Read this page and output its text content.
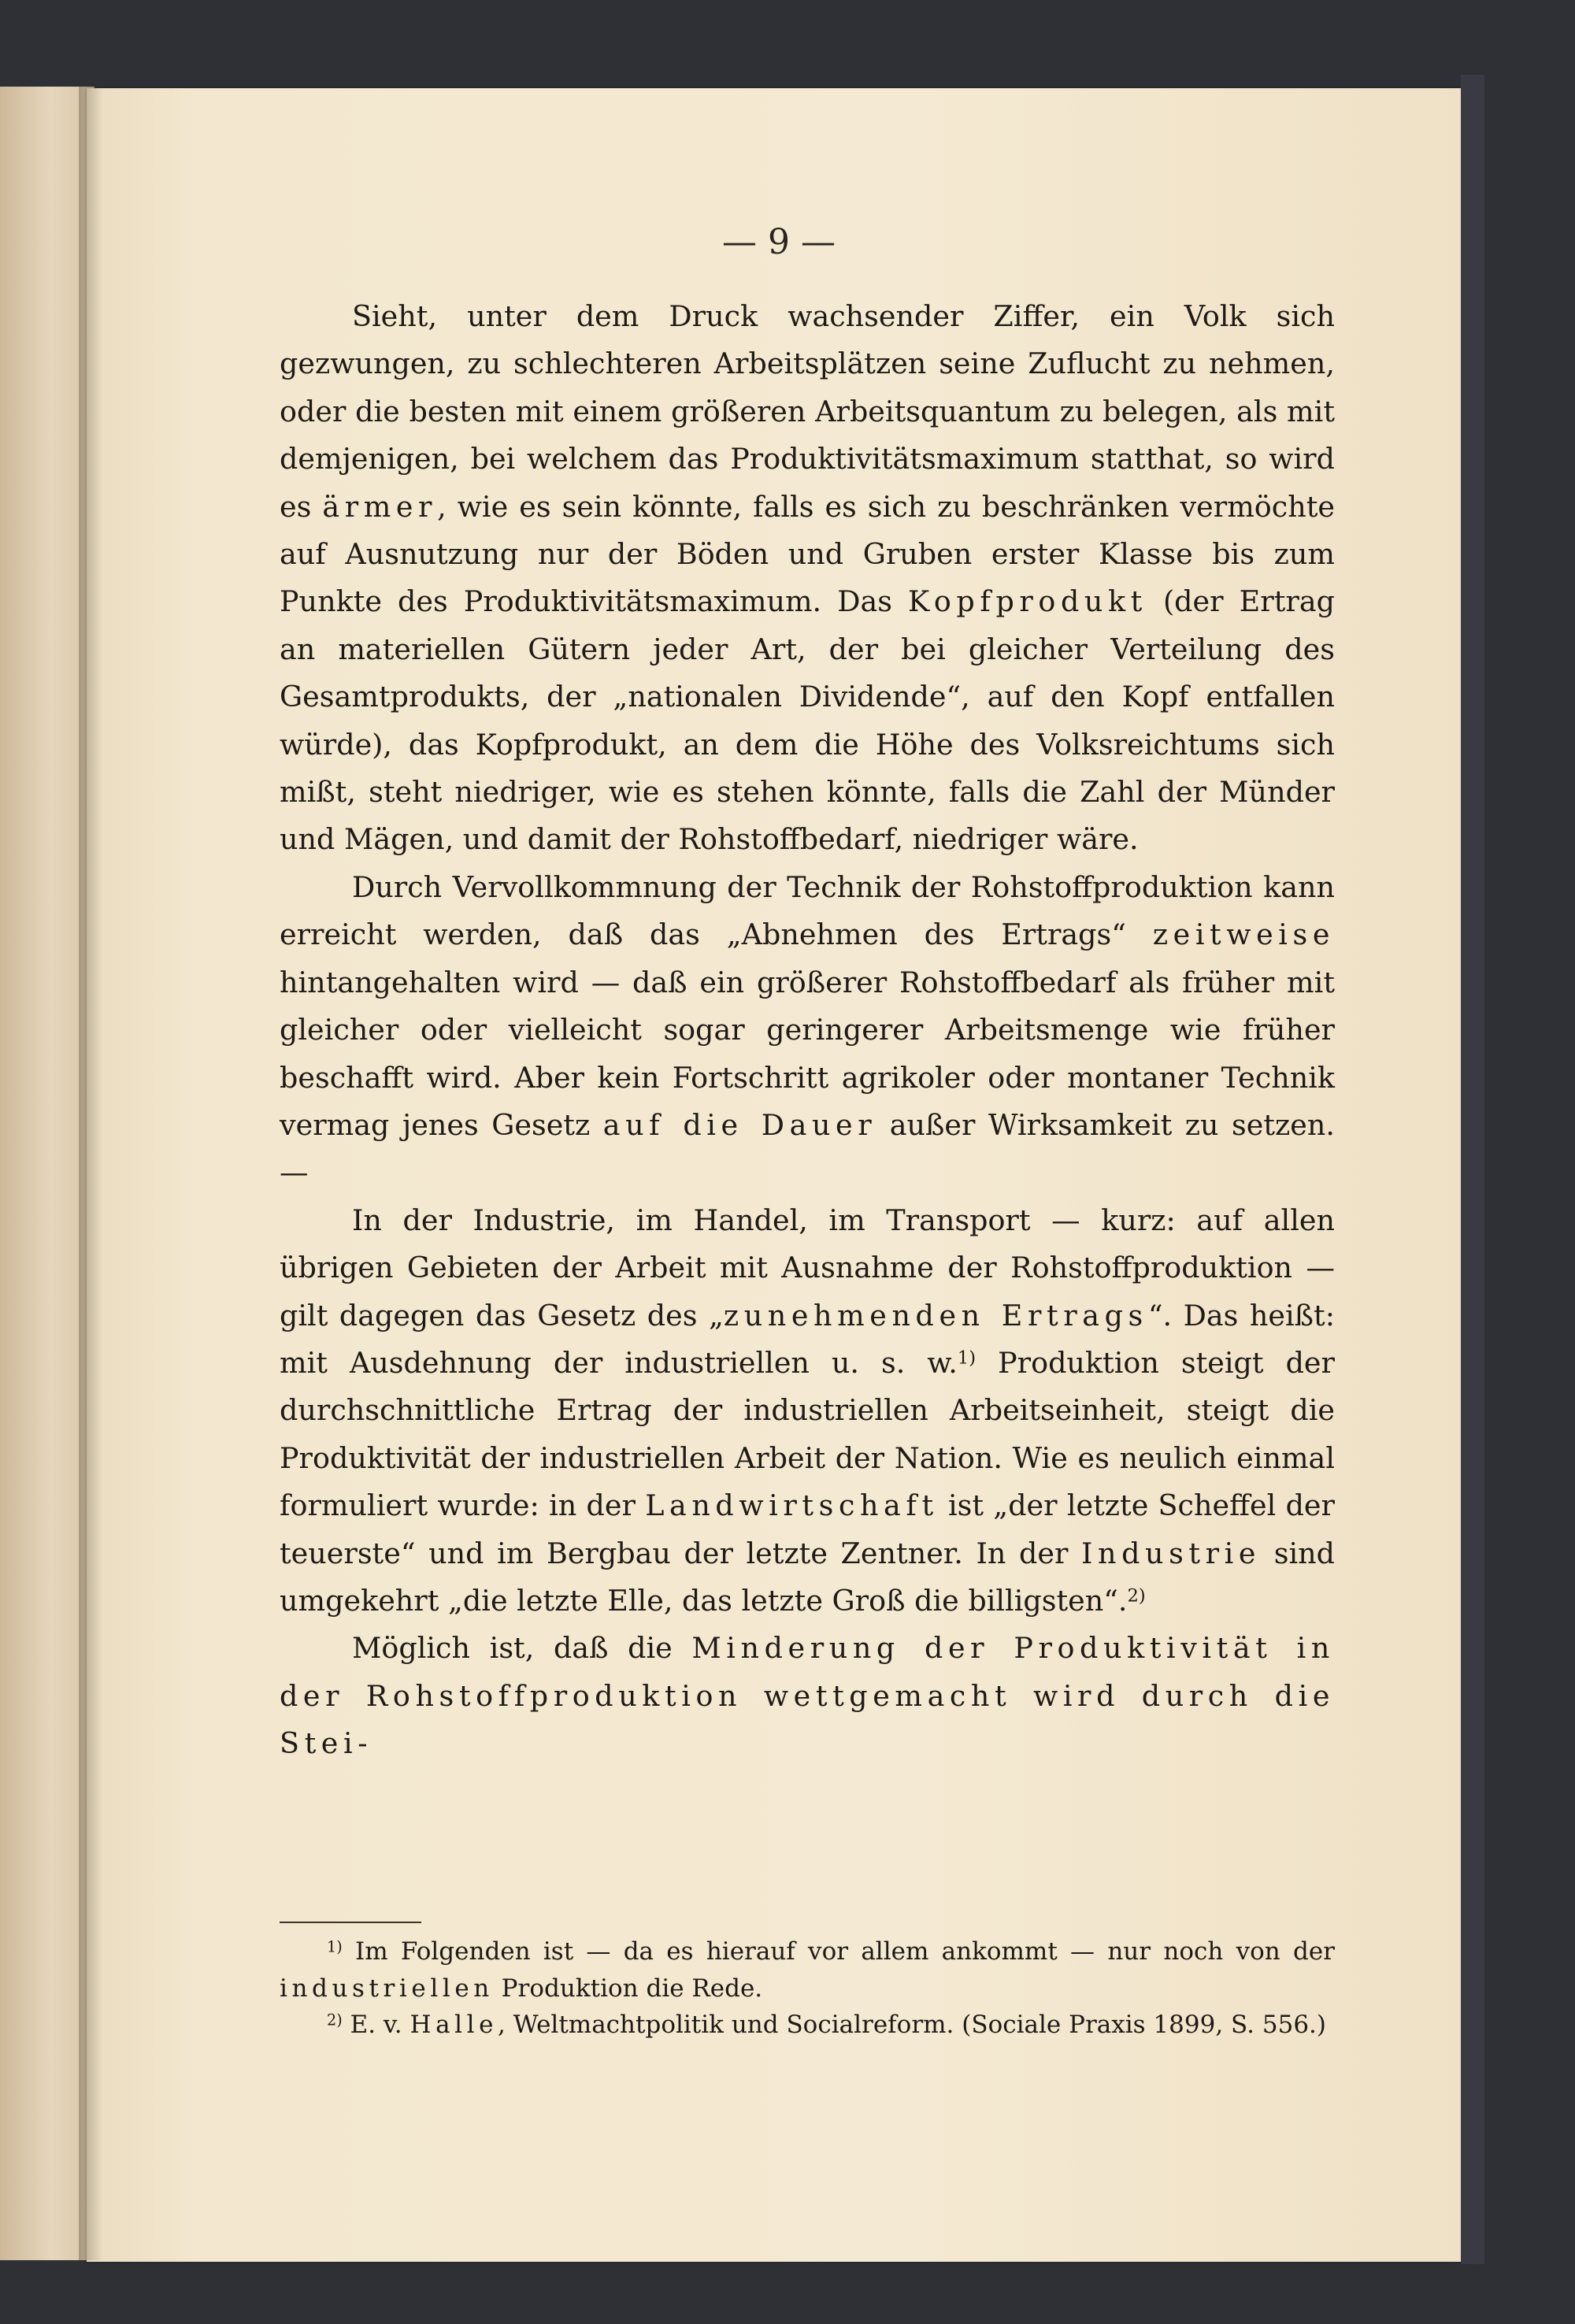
— 9 —

Sieht, unter dem Druck wachsender Ziffer, ein Volk sich gezwungen, zu schlechteren Arbeitsplätzen seine Zuflucht zu nehmen, oder die besten mit einem größeren Arbeitsquantum zu belegen, als mit demjenigen, bei welchem das Produktivitätsmaximum statthat, so wird es ärmer, wie es sein könnte, falls es sich zu beschränken vermöchte auf Ausnutzung nur der Böden und Gruben erster Klasse bis zum Punkte des Produktivitätsmaximum. Das Kopfprodukt (der Ertrag an materiellen Gütern jeder Art, der bei gleicher Verteilung des Gesamtprodukts, der „nationalen Dividende“, auf den Kopf entfallen würde), das Kopfprodukt, an dem die Höhe des Volksreichtums sich mißt, steht niedriger, wie es stehen könnte, falls die Zahl der Münder und Mägen, und damit der Rohstoffbedarf, niedriger wäre.

Durch Vervollkommnung der Technik der Rohstoffproduktion kann erreicht werden, daß das „Abnehmen des Ertrags“ zeitweise hintangehalten wird — daß ein größerer Rohstoffbedarf als früher mit gleicher oder vielleicht sogar geringerer Arbeitsmenge wie früher beschafft wird. Aber kein Fortschritt agrikoler oder montaner Technik vermag jenes Gesetz auf die Dauer außer Wirksamkeit zu setzen. —

In der Industrie, im Handel, im Transport — kurz: auf allen übrigen Gebieten der Arbeit mit Ausnahme der Rohstoffproduktion — gilt dagegen das Gesetz des „zunehmenden Ertrags“. Das heißt: mit Ausdehnung der industriellen u. s. w.$^{1)}$ Produktion steigt der durchschnittliche Ertrag der industriellen Arbeitseinheit, steigt die Produktivität der industriellen Arbeit der Nation. Wie es neulich einmal formuliert wurde: in der Landwirtschaft ist „der letzte Scheffel der teuerste“ und im Bergbau der letzte Zentner. In der Industrie sind umgekehrt „die letzte Elle, das letzte Groß die billigsten“.$^{2)}$

Möglich ist, daß die Minderung der Produktivität in der Rohstoffproduktion wettgemacht wird durch die Stei-

$^{1)}$ Im Folgenden ist — da es hierauf vor allem ankommt — nur noch von der industriellen Produktion die Rede.

$^{2)}$ E. v. Halle, Weltmachtpolitik und Socialreform. (Sociale Praxis 1899, S. 556.)
